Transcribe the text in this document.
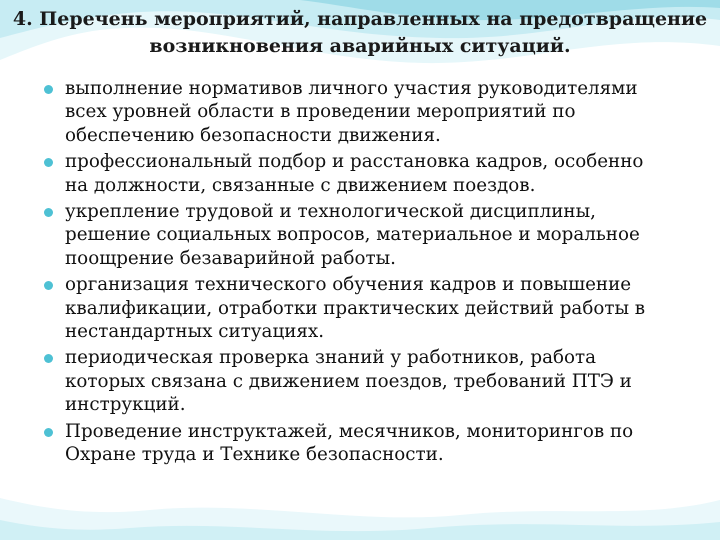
4. Перечень мероприятий, направленных на предотвращение
возникновения аварийных ситуаций.
выполнение нормативов личного участия руководителями
всех уровней области в проведении мероприятий по
обеспечению безопасности движения.
профессиональный подбор и расстановка кадров, особенно
на должности, связанные с движением поездов.
укрепление трудовой и технологической дисциплины,
решение социальных вопросов, материальное и моральное
поощрение безаварийной работы.
организация технического обучения кадров и повышение
квалификации, отработки практических действий работы в
нестандартных ситуациях.
периодическая проверка знаний у работников, работа
которых связана с движением поездов, требований ПТЭ и
инструкций.
Проведение инструктажей, месячников, мониторингов по
Охране труда и Технике безопасности.
